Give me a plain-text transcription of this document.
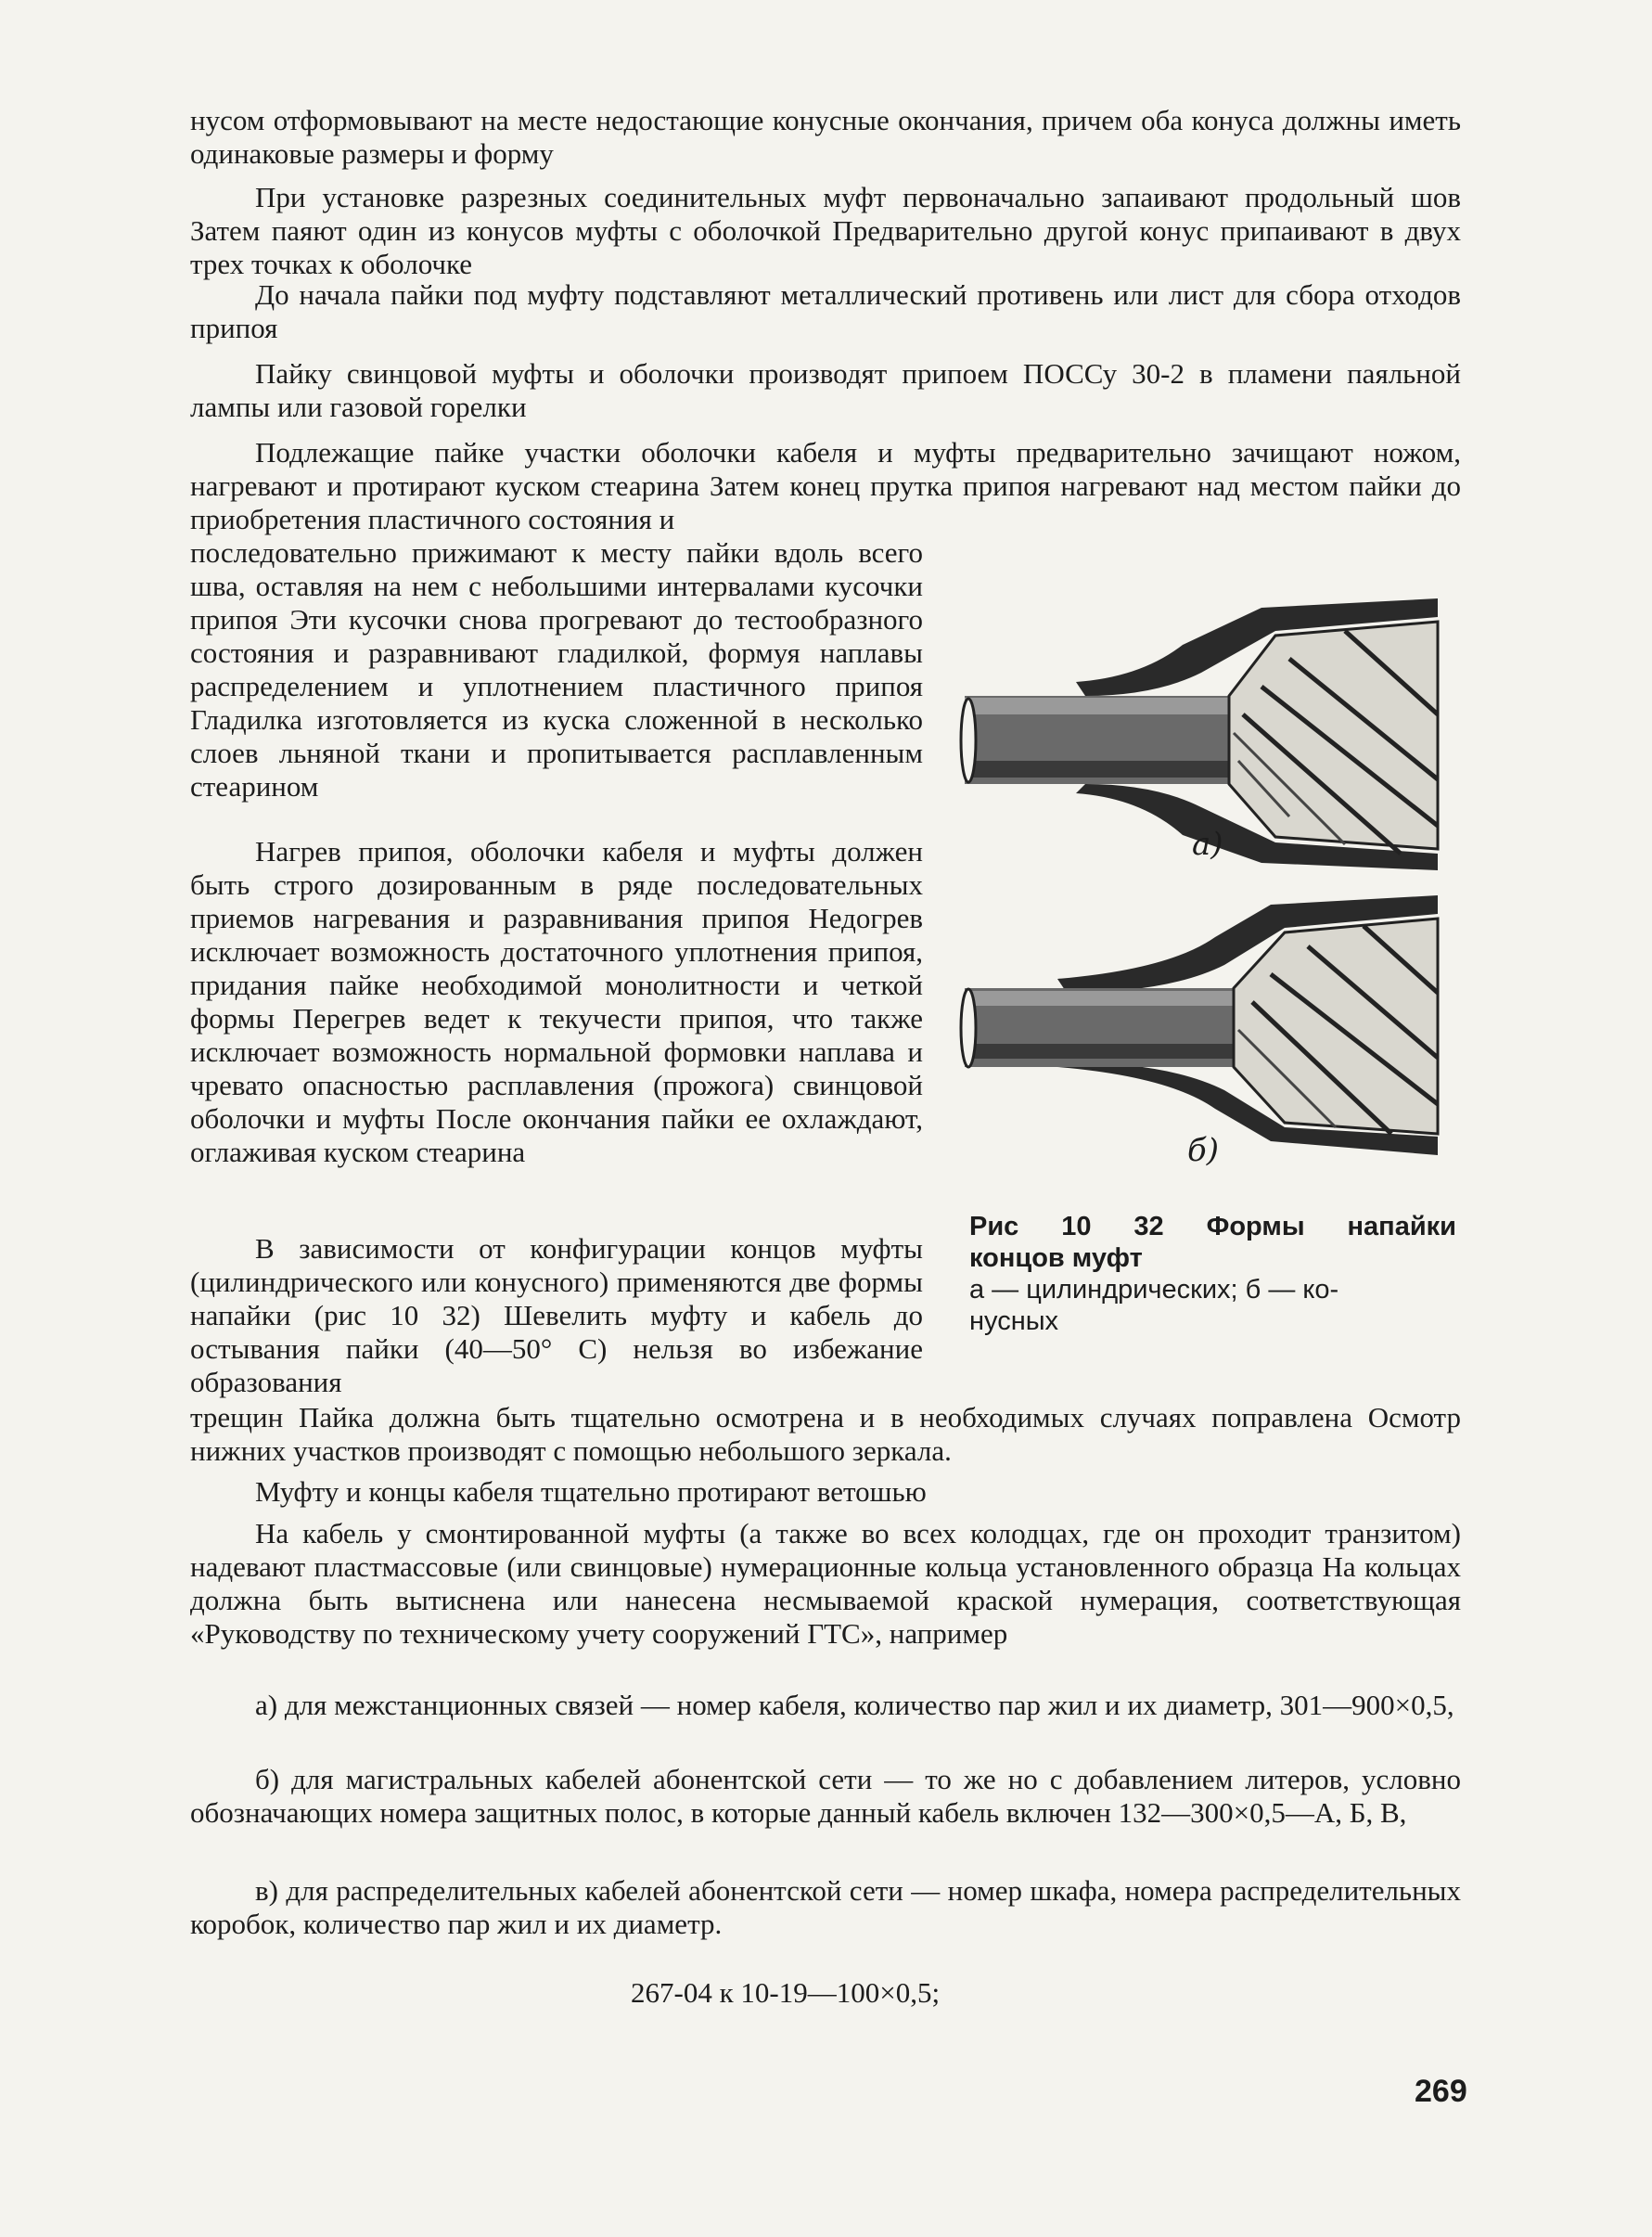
нусом отформовывают на месте недостающие конусные окончания, причем оба конуса должны иметь одинаковые размеры и форму

При установке разрезных соединительных муфт первоначально запаивают продольный шов Затем паяют один из конусов муфты с оболочкой Предварительно другой конус припаивают в двух трех точках к оболочке

До начала пайки под муфту подставляют металлический противень или лист для сбора отходов припоя

Пайку свинцовой муфты и оболочки производят припоем ПОССу 30-2 в пламени паяльной лампы или газовой горелки

Подлежащие пайке участки оболочки кабеля и муфты предварительно зачищают ножом, нагревают и протирают куском стеарина Затем конец прутка припоя нагревают над местом пайки до приобретения пластичного состояния и

последовательно прижимают к месту пайки вдоль всего шва, оставляя на нем с небольшими интервалами кусочки припоя Эти кусочки снова прогревают до тестообразного состояния и разравнивают гладилкой, формуя наплавы распределением и уплотнением пластичного припоя Гладилка изготовляется из куска сложенной в несколько слоев льняной ткани и пропитывается расплавленным стеарином

Нагрев припоя, оболочки кабеля и муфты должен быть строго дозированным в ряде последовательных приемов нагревания и разравнивания припоя Недогрев исключает возможность достаточного уплотнения припоя, придания пайке необходимой монолитности и четкой формы Перегрев ведет к текучести припоя, что также исключает возможность нормальной формовки наплава и чревато опасностью расплавления (прожога) свинцовой оболочки и муфты После окончания пайки ее охлаждают, оглаживая куском стеарина

В зависимости от конфигурации концов муфты (цилиндрического или конусного) применяются две формы напайки (рис 10 32) Шевелить муфту и кабель до остывания пайки (40—50° С) нельзя во избежание образования

трещин Пайка должна быть тщательно осмотрена и в необходимых случаях поправлена Осмотр нижних участков производят с помощью небольшого зеркала.

Муфту и концы кабеля тщательно протирают ветошью

На кабель у смонтированной муфты (а также во всех колодцах, где он проходит транзитом) надевают пластмассовые (или свинцовые) нумерационные кольца установленного образца На кольцах должна быть вытиснена или нанесена несмываемой краской нумерация, соответствующая «Руководству по техническому учету сооружений ГТС», например

а) для межстанционных связей — номер кабеля, количество пар жил и их диаметр, 301—900×0,5,

б) для магистральных кабелей абонентской сети — то же но с добавлением литеров, условно обозначающих номера защитных полос, в которые данный кабель включен 132—300×0,5—А, Б, В,

в) для распределительных кабелей абонентской сети — номер шкафа, номера распределительных коробок, количество пар жил и их диаметр.

а)
б)
Рис 10 32 Формы напайки
концов муфт
а — цилиндрических; б — ко-
нусных
267-04 к 10-19—100×0,5;
269
